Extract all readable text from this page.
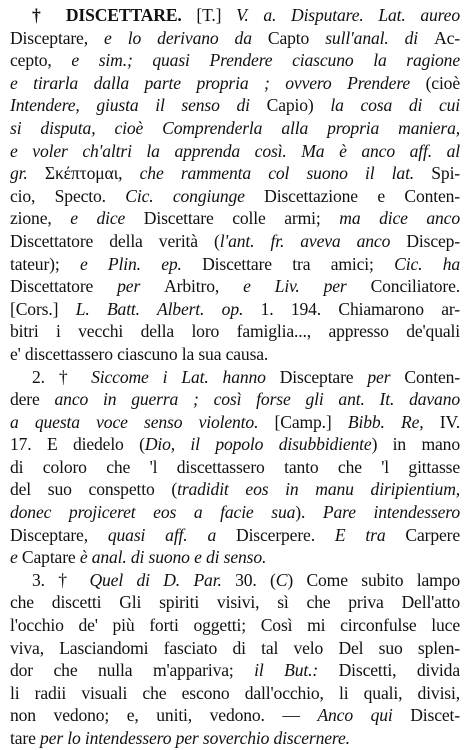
† DISCETTARE. [T.] V. a. Disputare. Lat. aureo
Disceptare, e lo derivano da Capto sull'anal. di Ac-
cepto, e sim.; quasi Prendere ciascuno la ragione
e tirarla dalla parte propria ; ovvero Prendere (cioè
Intendere, giusta il senso di Capio) la cosa di cui
si disputa, cioè Comprenderla alla propria maniera,
e voler ch'altri la apprenda così. Ma è anco aff. al
gr. Σκέπτομαι, che rammenta col suono il lat. Spi-
cio, Specto. Cic. congiunge Discettazione e Conten-
zione, e dice Discettare colle armi; ma dice anco
Discettatore della verità (l'ant. fr. aveva anco Discep-
tateur); e Plin. ep. Discettare tra amici; Cic. ha
Discettatore per Arbitro, e Liv. per Conciliatore.
[Cors.] L. Batt. Albert. op. 1. 194. Chiamarono ar-
bitri i vecchi della loro famiglia..., appresso de'quali
e' discettassero ciascuno la sua causa.
2. † Siccome i Lat. hanno Disceptare per Conten-
dere anco in guerra ; così forse gli ant. It. davano
a questa voce senso violento. [Camp.] Bibb. Re, IV.
17. E diedelo (Dio, il popolo disubbidiente) in mano
di coloro che 'l discettassero tanto che 'l gittasse
del suo conspetto (tradidit eos in manu diripientium,
donec projiceret eos a facie sua). Pare intendessero
Disceptare, quasi aff. a Discerpere. E tra Carpere
e Captare è anal. di suono e di senso.
3. † Quel di D. Par. 30. (C) Come subito lampo
che discetti Gli spiriti visivi, sì che priva Dell'atto
l'occhio de' più forti oggetti; Così mi circonfulse luce
viva, Lasciandomi fasciato di tal velo Del suo splen-
dor che nulla m'appariva; il But.: Discetti, divida
li radii visuali che escono dall'occhio, li quali, divisi,
non vedono; e, uniti, vedono. — Anco qui Discet-
tare per lo intendessero per soverchio discernere.
